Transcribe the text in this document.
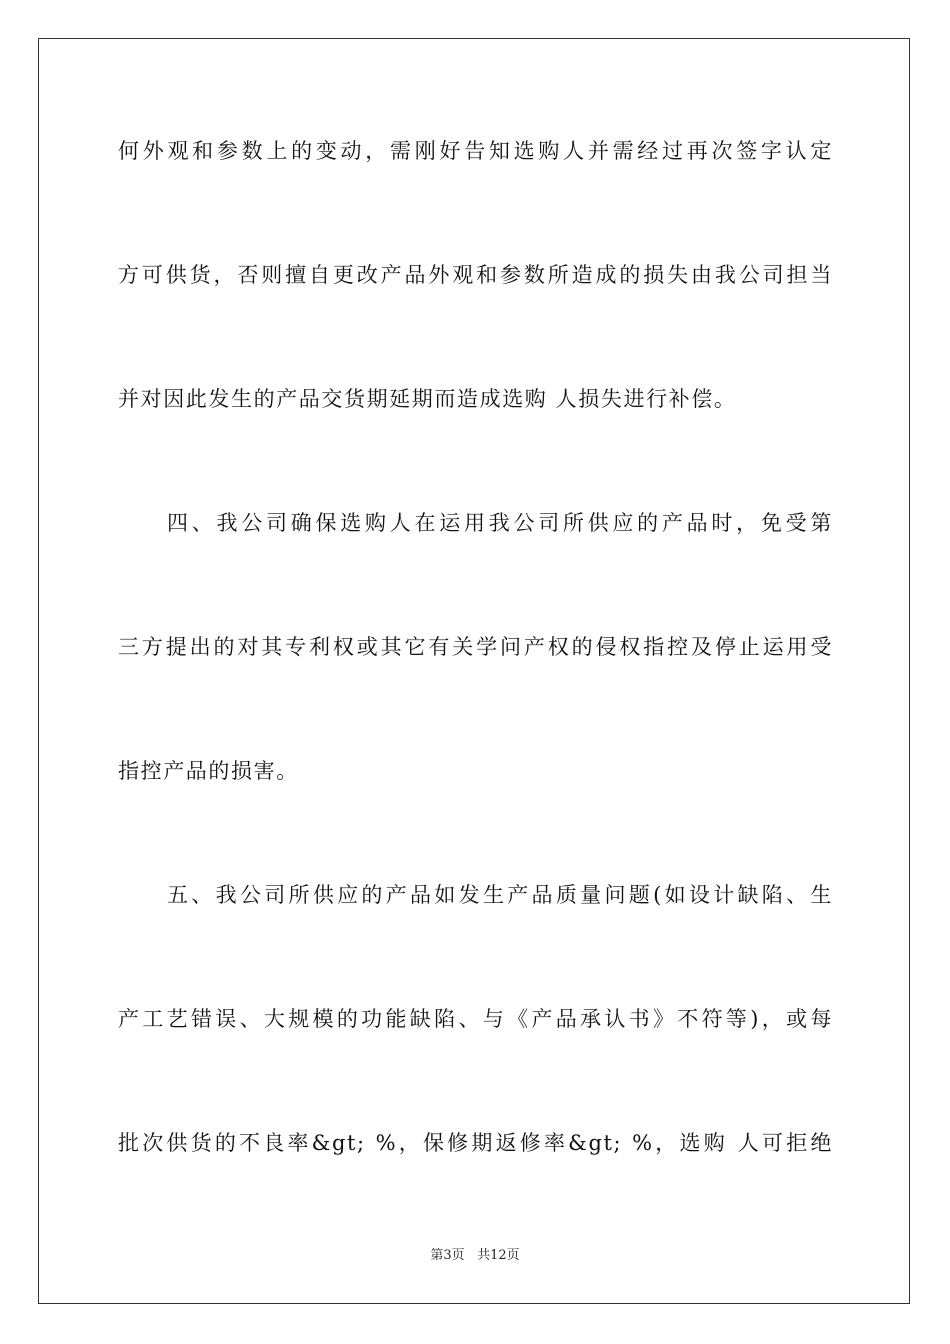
何外观和参数上的变动，需刚好告知选购人并需经过再次签字认定
方可供货，否则擅自更改产品外观和参数所造成的损失由我公司担当
并对因此发生的产品交货期延期而造成选购 人损失进行补偿。
四、我公司确保选购人在运用我公司所供应的产品时，免受第
三方提出的对其专利权或其它有关学问产权的侵权指控及停止运用受
指控产品的损害。
五、我公司所供应的产品如发生产品质量问题(如设计缺陷、生
产工艺错误、大规模的功能缺陷、与《产品承认书》不符等)，或每
批次供货的不良率&gt; %，保修期返修率&gt; %，选购 人可拒绝
第3页 共12页
